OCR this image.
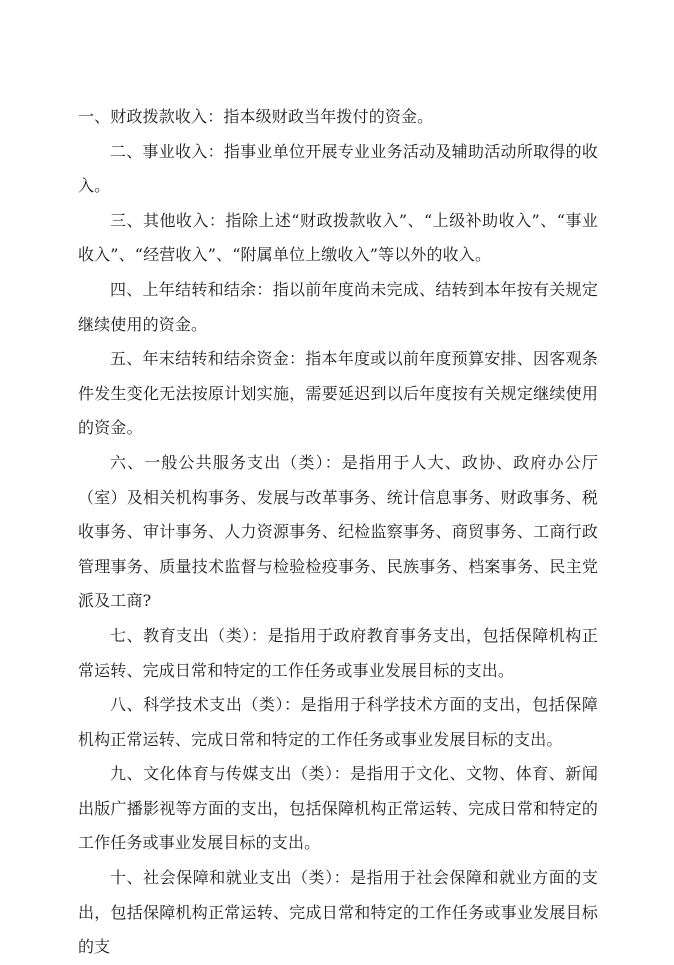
一、财政拨款收入：指本级财政当年拨付的资金。

二、事业收入：指事业单位开展专业业务活动及辅助活动所取得的收入。

三、其他收入：指除上述“财政拨款收入”、“上级补助收入”、“事业收入”、“经营收入”、“附属单位上缴收入”等以外的收入。

四、上年结转和结余：指以前年度尚未完成、结转到本年按有关规定继续使用的资金。

五、年末结转和结余资金：指本年度或以前年度预算安排、因客观条件发生变化无法按原计划实施，需要延迟到以后年度按有关规定继续使用的资金。

六、一般公共服务支出（类）：是指用于人大、政协、政府办公厅（室）及相关机构事务、发展与改革事务、统计信息事务、财政事务、税收事务、审计事务、人力资源事务、纪检监察事务、商贸事务、工商行政管理事务、质量技术监督与检验检疫事务、民族事务、档案事务、民主党派及工商?

七、教育支出（类）：是指用于政府教育事务支出，包括保障机构正常运转、完成日常和特定的工作任务或事业发展目标的支出。

八、科学技术支出（类）：是指用于科学技术方面的支出，包括保障机构正常运转、完成日常和特定的工作任务或事业发展目标的支出。

九、文化体育与传媒支出（类）：是指用于文化、文物、体育、新闻出版广播影视等方面的支出，包括保障机构正常运转、完成日常和特定的工作任务或事业发展目标的支出。

十、社会保障和就业支出（类）：是指用于社会保障和就业方面的支出，包括保障机构正常运转、完成日常和特定的工作任务或事业发展目标的支
